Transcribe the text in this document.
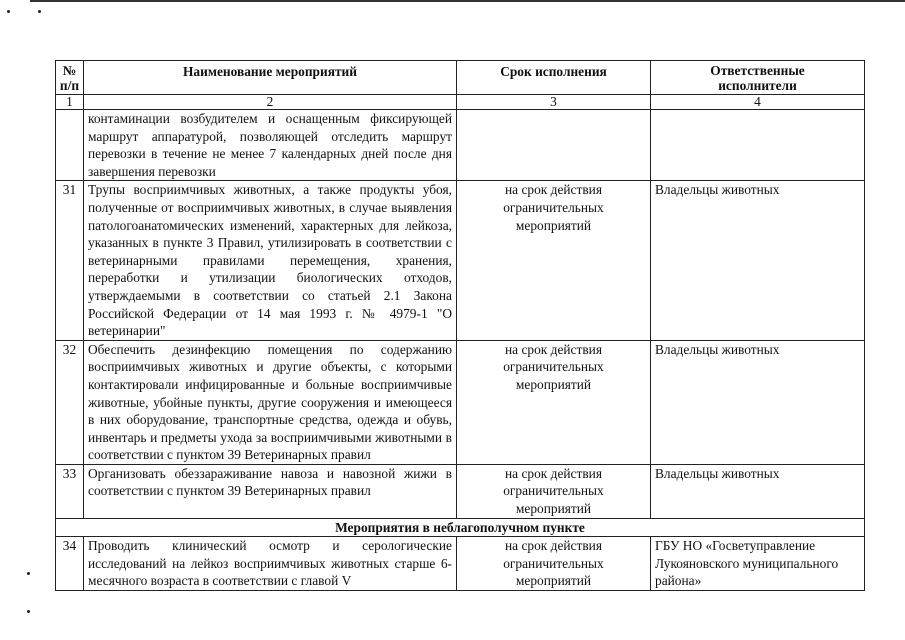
№ п/п	Наименование мероприятий	Срок исполнения	Ответственные исполнители
1	2	3	4
	контаминации возбудителем и оснащенным фиксирующей маршрут аппаратурой, позволяющей отследить маршрут перевозки в течение не менее 7 календарных дней после дня завершения перевозки		
31	Трупы восприимчивых животных, а также продукты убоя, полученные от восприимчивых животных, в случае выявления патологоанатомических изменений, характерных для лейкоза, указанных в пункте 3 Правил, утилизировать в соответствии с ветеринарными правилами перемещения, хранения, переработки и утилизации биологических отходов, утверждаемыми в соответствии со статьей 2.1 Закона Российской Федерации от 14 мая 1993 г. № 4979-1 "О ветеринарии"	на срок действия ограничительных мероприятий	Владельцы животных
32	Обеспечить дезинфекцию помещения по содержанию восприимчивых животных и другие объекты, с которыми контактировали инфицированные и больные восприимчивые животные, убойные пункты, другие сооружения и имеющееся в них оборудование, транспортные средства, одежда и обувь, инвентарь и предметы ухода за восприимчивыми животными в соответствии с пунктом 39 Ветеринарных правил	на срок действия ограничительных мероприятий	Владельцы животных
33	Организовать обеззараживание навоза и навозной жижи в соответствии с пунктом 39 Ветеринарных правил	на срок действия ограничительных мероприятий	Владельцы животных
Мероприятия в неблагополучном пункте			
34	Проводить клинический осмотр и серологические исследований на лейкоз восприимчивых животных старше 6-месячного возраста в соответствии с главой V	на срок действия ограничительных мероприятий	ГБУ НО «Госветуправление Лукояновского муниципального района»
